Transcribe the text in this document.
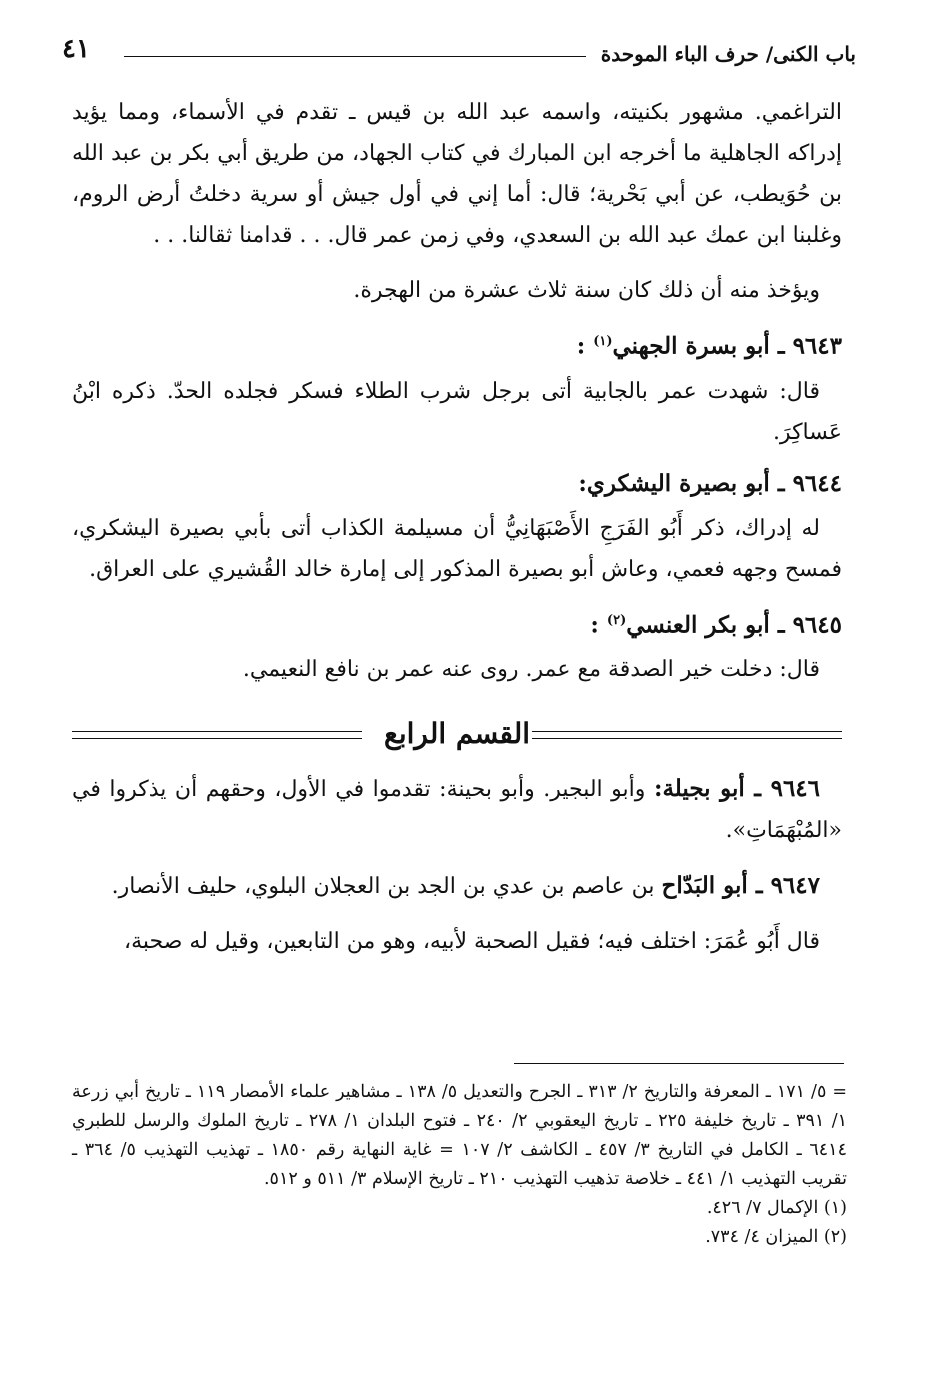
باب الكنى/ حرف الباء الموحدة
٤١

التراغمي. مشهور بكنيته، واسمه عبد الله بن قيس ـ تقدم في الأسماء، ومما يؤيد إدراكه الجاهلية ما أخرجه ابن المبارك في كتاب الجهاد، من طريق أبي بكر بن عبد الله بن حُوَيطب، عن أبي بَحْرية؛ قال: أما إني في أول جيش أو سرية دخلتُ أرض الروم، وغلبنا ابن عمك عبد الله بن السعدي، وفي زمن عمر قال. . . قدامنا ثقالنا. . .

ويؤخذ منه أن ذلك كان سنة ثلاث عشرة من الهجرة.

٩٦٤٣ ـ أبو بسرة الجهني$^{(١)}$ :

قال: شهدت عمر بالجابية أتى برجل شرب الطلاء فسكر فجلده الحدّ. ذكره ابْنُ عَساكِرَ.

٩٦٤٤ ـ أبو بصيرة اليشكري:

له إدراك، ذكر أَبُو الفَرَجِ الأَصْبَهَانِيُّ أن مسيلمة الكذاب أتى بأبي بصيرة اليشكري، فمسح وجهه فعمي، وعاش أبو بصيرة المذكور إلى إمارة خالد القُشيري على العراق.

٩٦٤٥ ـ أبو بكر العنسي$^{(٢)}$ :

قال: دخلت خير الصدقة مع عمر. روى عنه عمر بن نافع النعيمي.

القسم الرابع

٩٦٤٦ ـ أبو بجيلة: وأبو البجير. وأبو بحينة: تقدموا في الأول، وحقهم أن يذكروا في «المُبْهَمَاتِ».

٩٦٤٧ ـ أبو البَدّاح بن عاصم بن عدي بن الجد بن العجلان البلوي، حليف الأنصار.

قال أَبُو عُمَرَ: اختلف فيه؛ فقيل الصحبة لأبيه، وهو من التابعين، وقيل له صحبة،

= ٥/ ١٧١ ـ المعرفة والتاريخ ٢/ ٣١٣ ـ الجرح والتعديل ٥/ ١٣٨ ـ مشاهير علماء الأمصار ١١٩ ـ تاريخ أبي زرعة ١/ ٣٩١ ـ تاريخ خليفة ٢٢٥ ـ تاريخ اليعقوبي ٢/ ٢٤٠ ـ فتوح البلدان ١/ ٢٧٨ ـ تاريخ الملوك والرسل للطبري ٦٤١٤ ـ الكامل في التاريخ ٣/ ٤٥٧ ـ الكاشف ٢/ ١٠٧ = غاية النهاية رقم ١٨٥٠ ـ تهذيب التهذيب ٥/ ٣٦٤ ـ تقريب التهذيب ١/ ٤٤١ ـ خلاصة تذهيب التهذيب ٢١٠ ـ تاريخ الإسلام ٣/ ٥١١ و ٥١٢.

(١) الإكمال ٧/ ٤٢٦.

(٢) الميزان ٤/ ٧٣٤.
